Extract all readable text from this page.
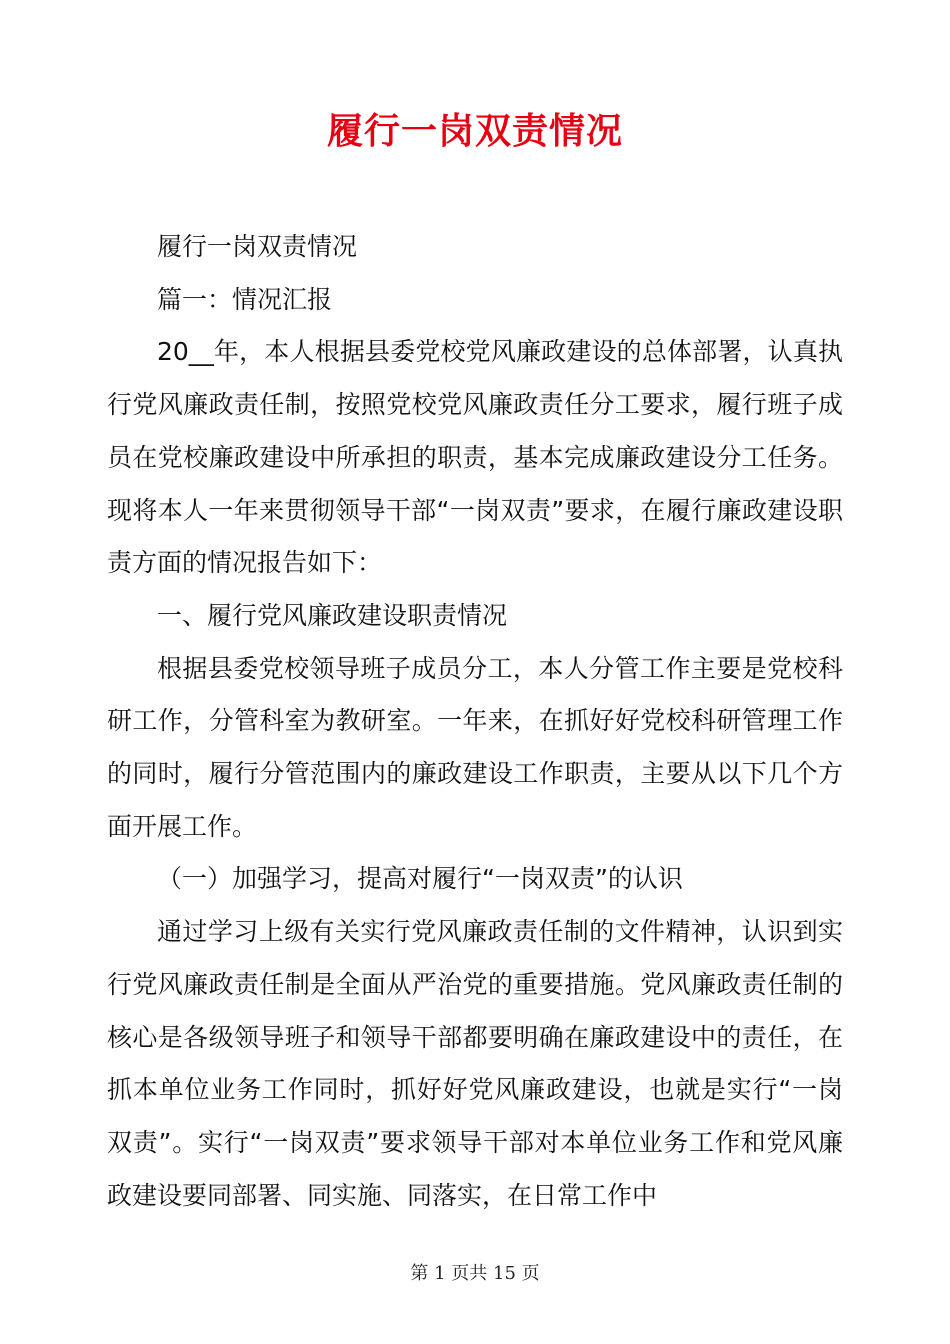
履行一岗双责情况

履行一岗双责情况

篇一：情况汇报

20__年，本人根据县委党校党风廉政建设的总体部署，认真执行党风廉政责任制，按照党校党风廉政责任分工要求，履行班子成员在党校廉政建设中所承担的职责，基本完成廉政建设分工任务。现将本人一年来贯彻领导干部“一岗双责”要求，在履行廉政建设职责方面的情况报告如下：

一、履行党风廉政建设职责情况

根据县委党校领导班子成员分工，本人分管工作主要是党校科研工作，分管科室为教研室。一年来，在抓好好党校科研管理工作的同时，履行分管范围内的廉政建设工作职责，主要从以下几个方面开展工作。

（一）加强学习，提高对履行“一岗双责”的认识

通过学习上级有关实行党风廉政责任制的文件精神，认识到实行党风廉政责任制是全面从严治党的重要措施。党风廉政责任制的核心是各级领导班子和领导干部都要明确在廉政建设中的责任，在抓本单位业务工作同时，抓好好党风廉政建设，也就是实行“一岗双责”。实行“一岗双责”要求领导干部对本单位业务工作和党风廉政建设要同部署、同实施、同落实，在日常工作中

第 1 页共 15 页
